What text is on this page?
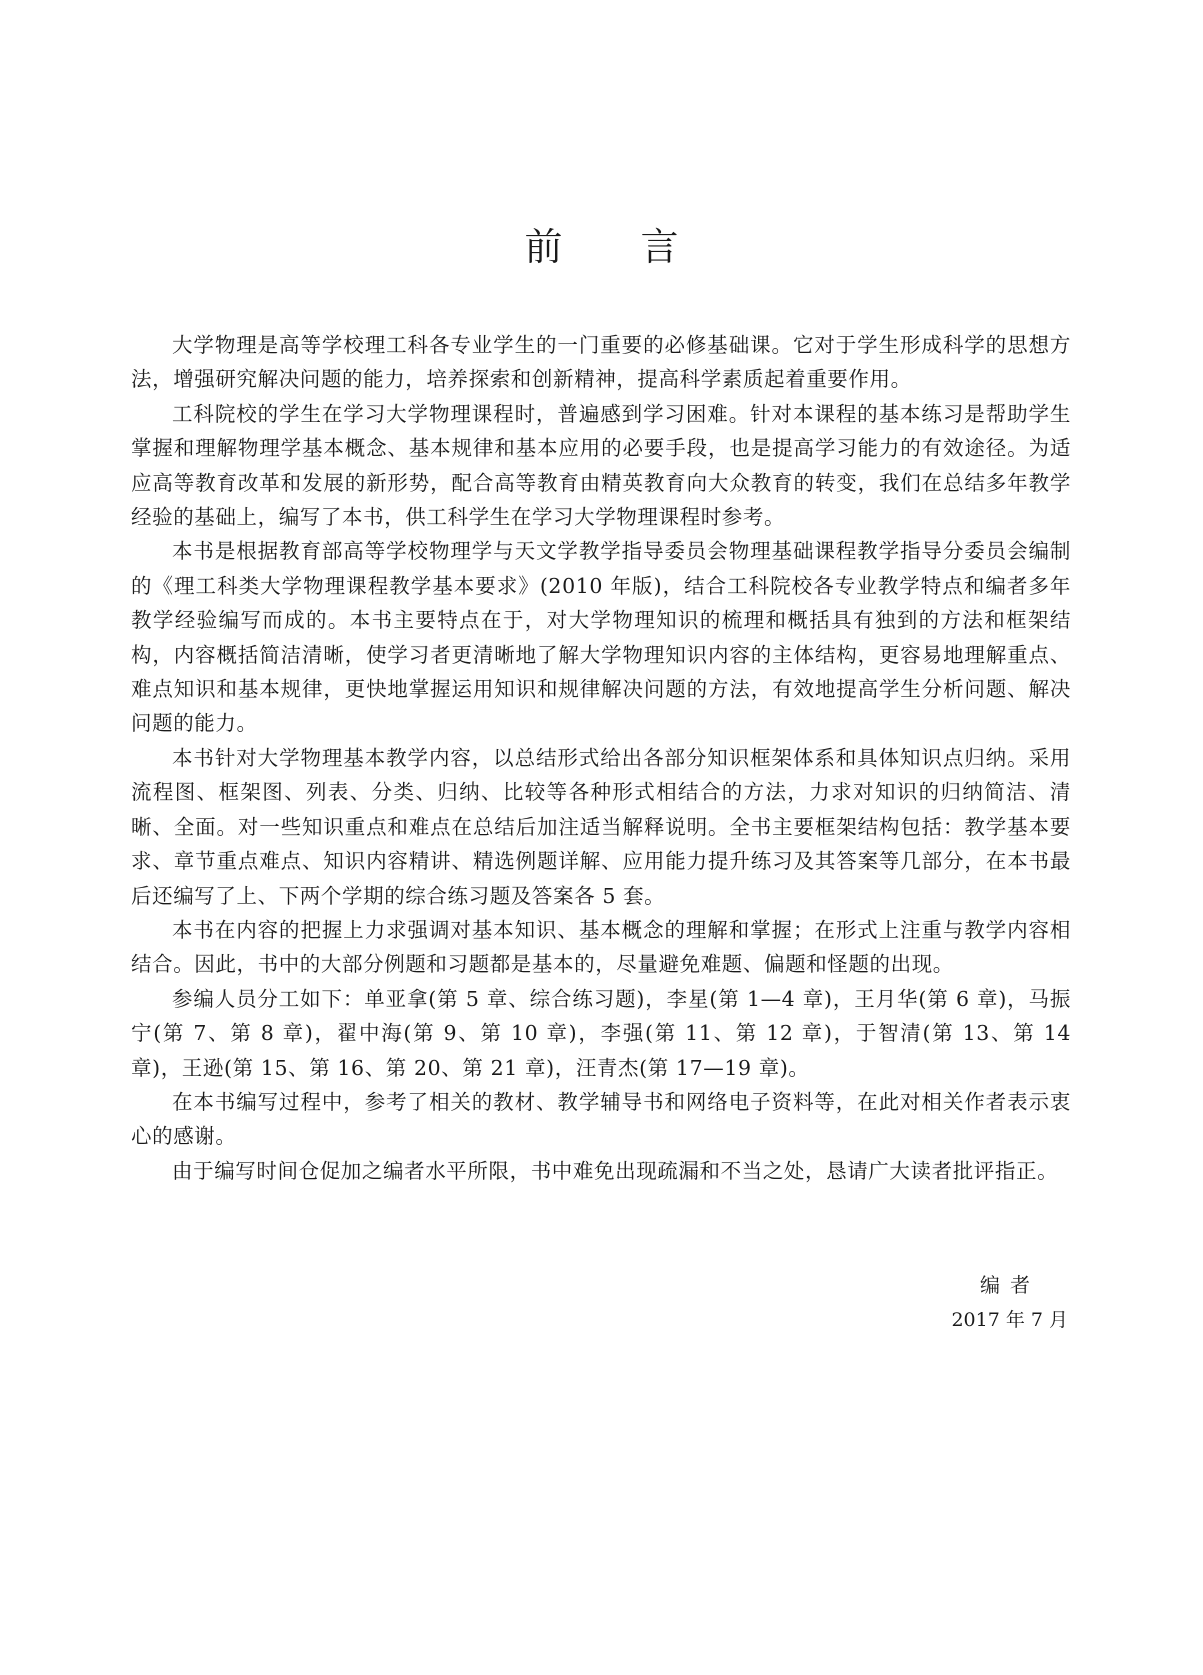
前言

大学物理是高等学校理工科各专业学生的一门重要的必修基础课。它对于学生形成科学的思想方法，增强研究解决问题的能力，培养探索和创新精神，提高科学素质起着重要作用。

工科院校的学生在学习大学物理课程时，普遍感到学习困难。针对本课程的基本练习是帮助学生掌握和理解物理学基本概念、基本规律和基本应用的必要手段，也是提高学习能力的有效途径。为适应高等教育改革和发展的新形势，配合高等教育由精英教育向大众教育的转变，我们在总结多年教学经验的基础上，编写了本书，供工科学生在学习大学物理课程时参考。

本书是根据教育部高等学校物理学与天文学教学指导委员会物理基础课程教学指导分委员会编制的《理工科类大学物理课程教学基本要求》(2010 年版)，结合工科院校各专业教学特点和编者多年教学经验编写而成的。本书主要特点在于，对大学物理知识的梳理和概括具有独到的方法和框架结构，内容概括简洁清晰，使学习者更清晰地了解大学物理知识内容的主体结构，更容易地理解重点、难点知识和基本规律，更快地掌握运用知识和规律解决问题的方法，有效地提高学生分析问题、解决问题的能力。

本书针对大学物理基本教学内容，以总结形式给出各部分知识框架体系和具体知识点归纳。采用流程图、框架图、列表、分类、归纳、比较等各种形式相结合的方法，力求对知识的归纳简洁、清晰、全面。对一些知识重点和难点在总结后加注适当解释说明。全书主要框架结构包括：教学基本要求、章节重点难点、知识内容精讲、精选例题详解、应用能力提升练习及其答案等几部分，在本书最后还编写了上、下两个学期的综合练习题及答案各 5 套。

本书在内容的把握上力求强调对基本知识、基本概念的理解和掌握；在形式上注重与教学内容相结合。因此，书中的大部分例题和习题都是基本的，尽量避免难题、偏题和怪题的出现。

参编人员分工如下：单亚拿(第 5 章、综合练习题)，李星(第 1—4 章)，王月华(第 6 章)，马振宁(第 7、第 8 章)，翟中海(第 9、第 10 章)，李强(第 11、第 12 章)，于智清(第 13、第 14 章)，王逊(第 15、第 16、第 20、第 21 章)，汪青杰(第 17—19 章)。

在本书编写过程中，参考了相关的教材、教学辅导书和网络电子资料等，在此对相关作者表示衷心的感谢。

由于编写时间仓促加之编者水平所限，书中难免出现疏漏和不当之处，恳请广大读者批评指正。

编者

2017 年 7 月
